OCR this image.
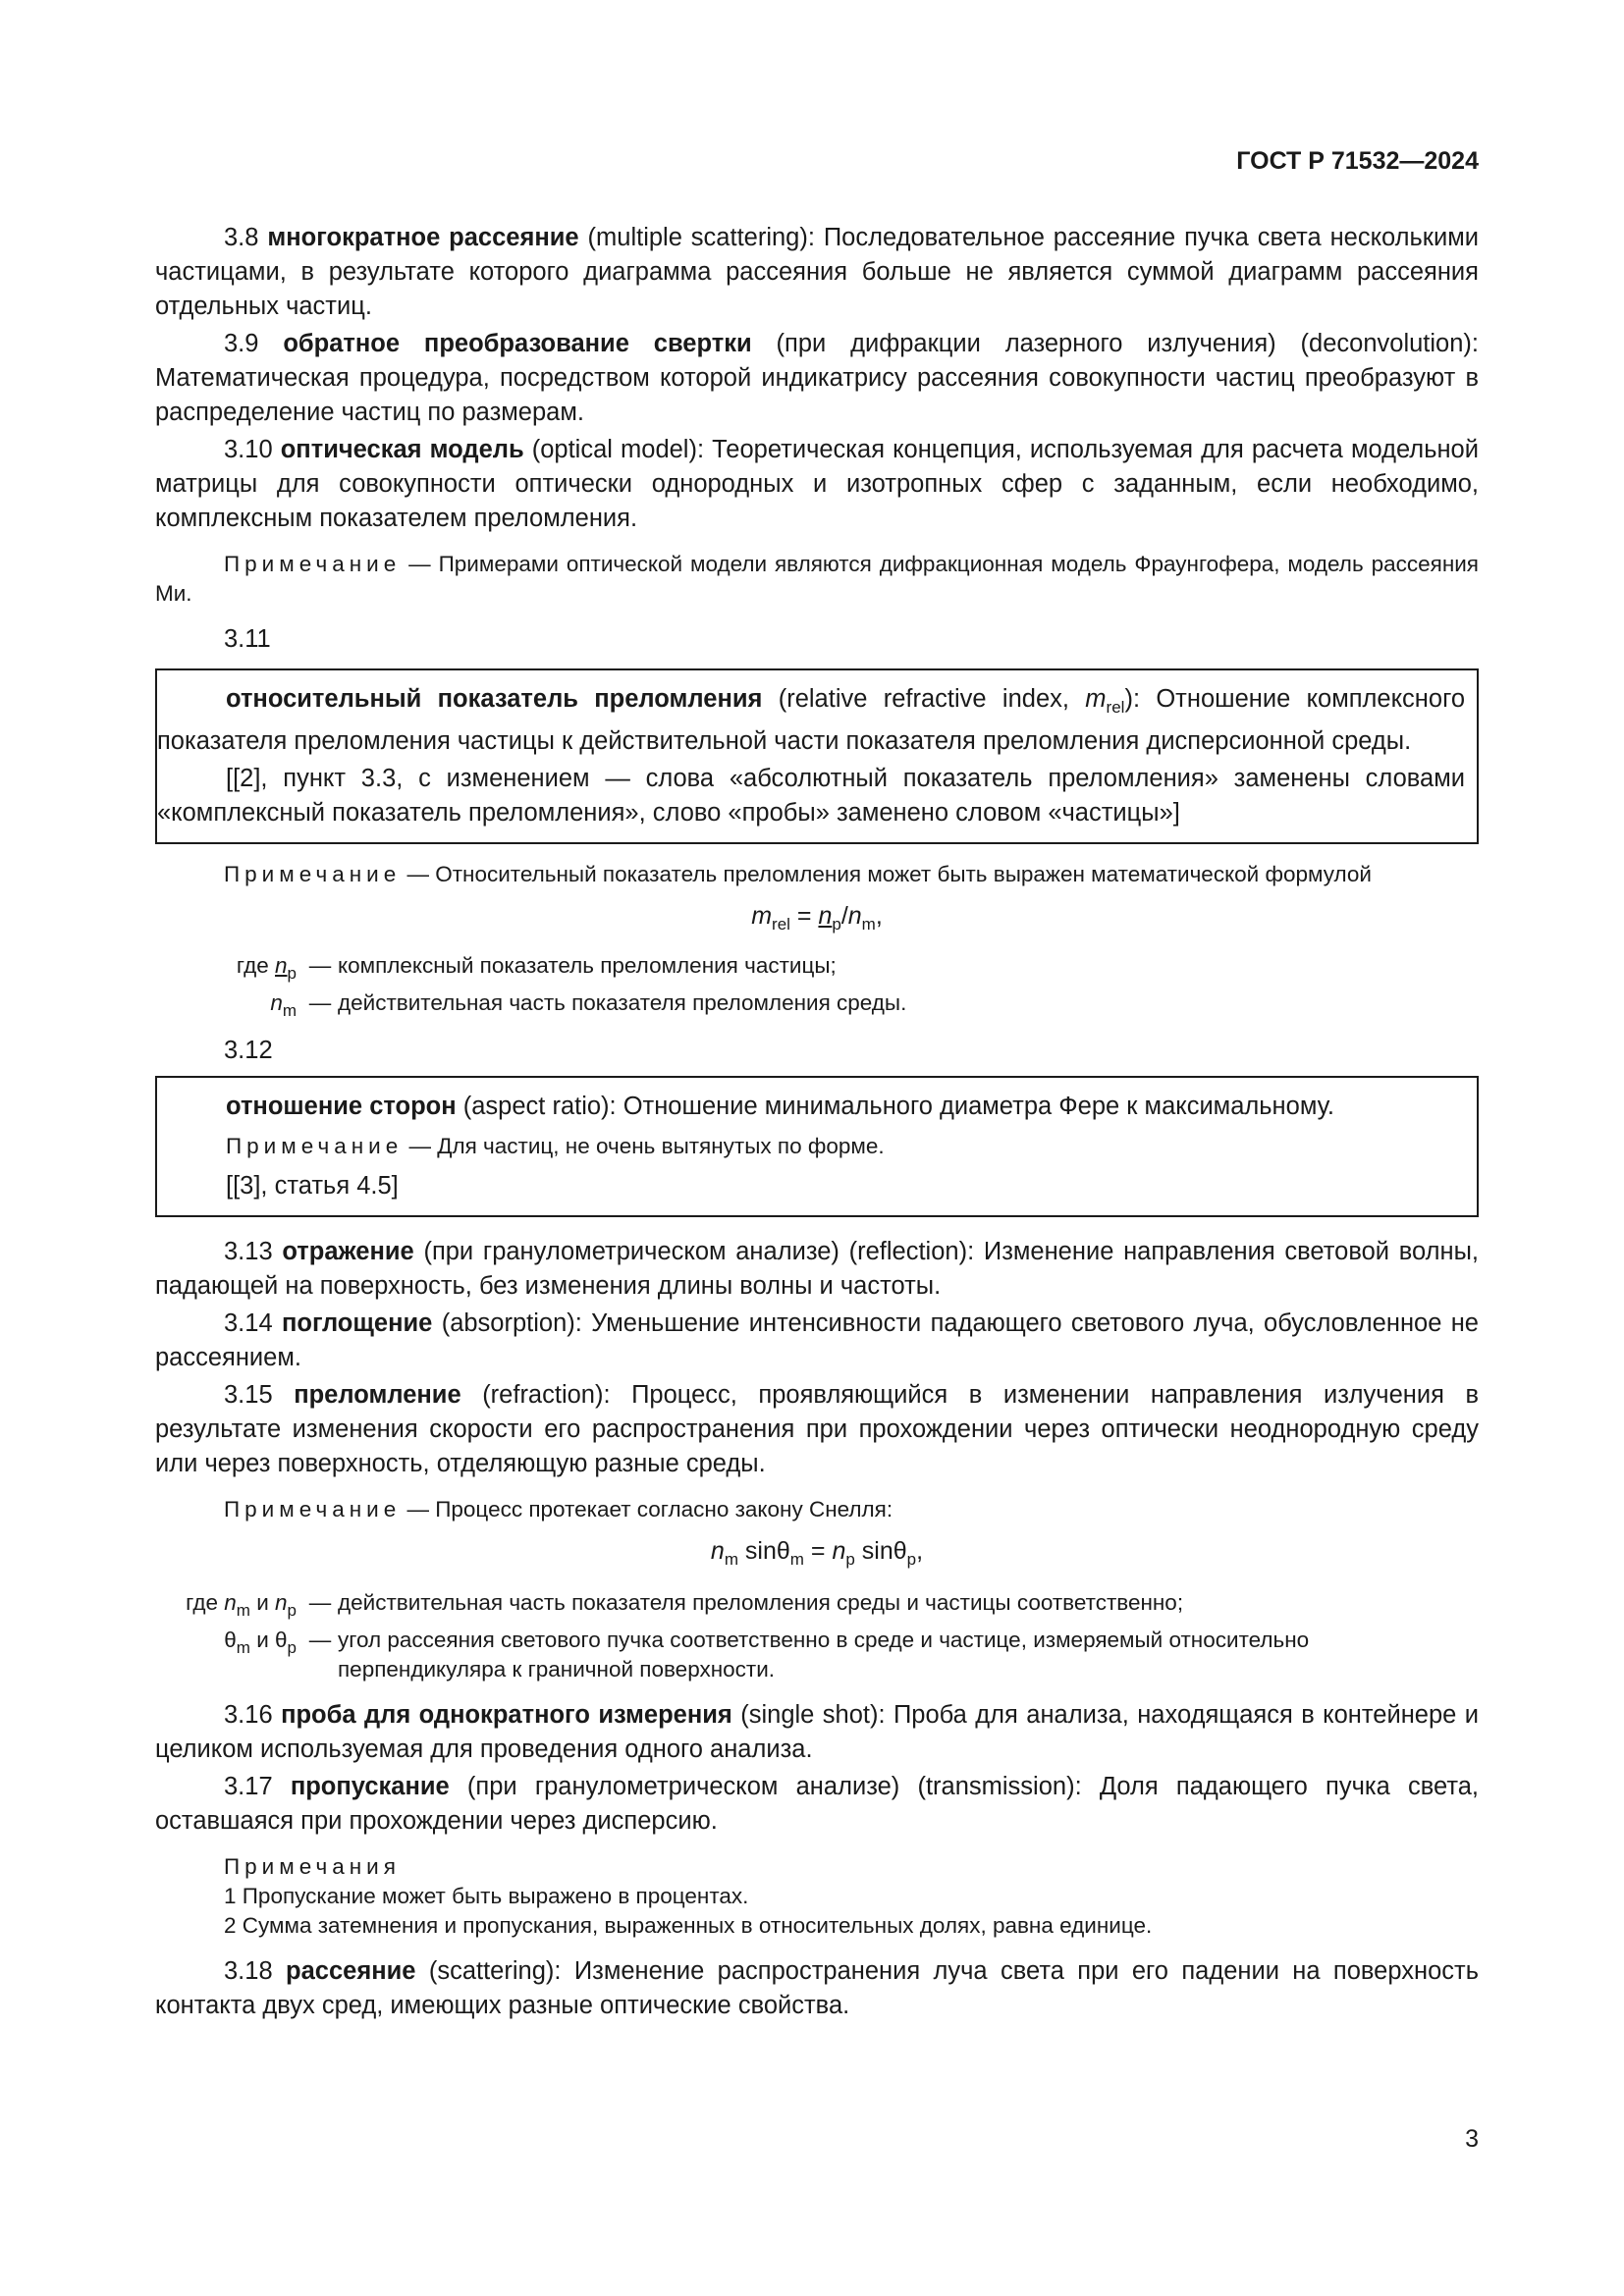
ГОСТ Р 71532—2024

3.8 многократное рассеяние (multiple scattering): Последовательное рассеяние пучка света несколькими частицами, в результате которого диаграмма рассеяния больше не является суммой диаграмм рассеяния отдельных частиц.

3.9 обратное преобразование свертки (при дифракции лазерного излучения) (deconvolution): Математическая процедура, посредством которой индикатрису рассеяния совокупности частиц преобразуют в распределение частиц по размерам.

3.10 оптическая модель (optical model): Теоретическая концепция, используемая для расчета модельной матрицы для совокупности оптически однородных и изотропных сфер с заданным, если необходимо, комплексным показателем преломления.

Примечание — Примерами оптической модели являются дифракционная модель Фраунгофера, модель рассеяния Ми.

3.11

относительный показатель преломления (relative refractive index, $m_{rel}$): Отношение комплексного показателя преломления частицы к действительной части показателя преломления дисперсионной среды.

[[2], пункт 3.3, с изменением — слова «абсолютный показатель преломления» заменены словами «комплексный показатель преломления», слово «пробы» заменено словом «частицы»]

Примечание — Относительный показатель преломления может быть выражен математической формулой

$m_{rel} = n_p/n_m$,

где $n_p$ — комплексный показатель преломления частицы;
$n_m$ — действительная часть показателя преломления среды.

3.12

отношение сторон (aspect ratio): Отношение минимального диаметра Фере к максимальному.

Примечание — Для частиц, не очень вытянутых по форме.

[[3], статья 4.5]

3.13 отражение (при гранулометрическом анализе) (reflection): Изменение направления световой волны, падающей на поверхность, без изменения длины волны и частоты.

3.14 поглощение (absorption): Уменьшение интенсивности падающего светового луча, обусловленное не рассеянием.

3.15 преломление (refraction): Процесс, проявляющийся в изменении направления излучения в результате изменения скорости его распространения при прохождении через оптически неоднородную среду или через поверхность, отделяющую разные среды.

Примечание — Процесс протекает согласно закону Снелля:

$n_m$ $\sin\theta_m = n_p$ sinθ$_p$,

где $n_m$ и $n_p$ — действительная часть показателя преломления среды и частицы соответственно;
$\theta_m$ и $\theta_p$ — угол рассеяния светового пучка соответственно в среде и частице, измеряемый относительно перпендикуляра к граничной поверхности.

3.16 проба для однократного измерения (single shot): Проба для анализа, находящаяся в контейнере и целиком используемая для проведения одного анализа.

3.17 пропускание (при гранулометрическом анализе) (transmission): Доля падающего пучка света, оставшаяся при прохождении через дисперсию.

Примечания

1 Пропускание может быть выражено в процентах.

2 Сумма затемнения и пропускания, выраженных в относительных долях, равна единице.

3.18 рассеяние (scattering): Изменение распространения луча света при его падении на поверхность контакта двух сред, имеющих разные оптические свойства.

3
